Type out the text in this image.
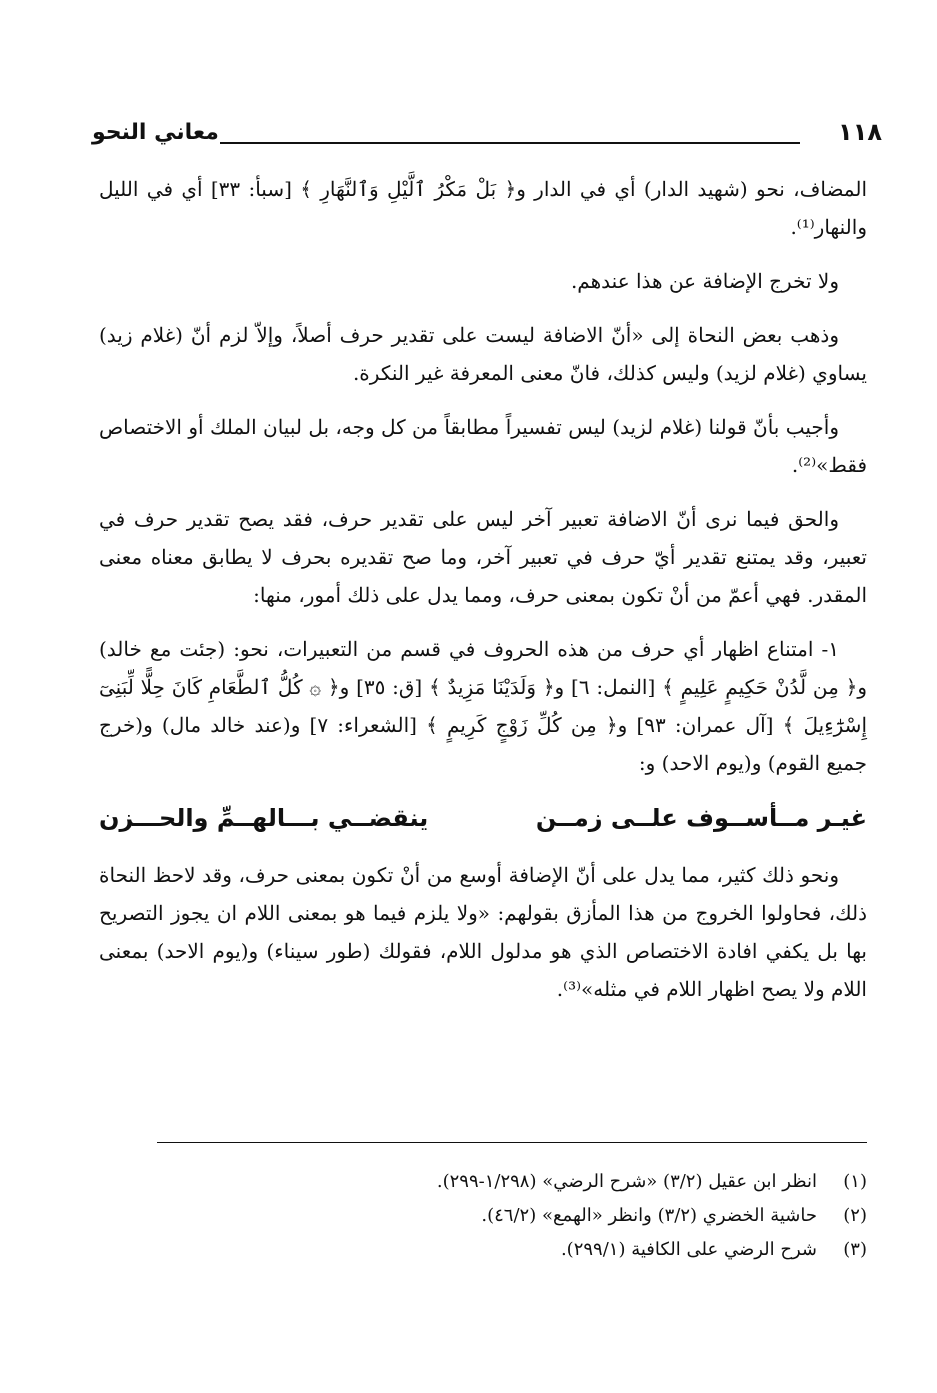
١١٨
معاني النحو

المضاف، نحو (شهيد الدار) أي في الدار و﴿ بَلْ مَكْرُ ٱلَّيْلِ وَٱلنَّهَارِ ﴾ [سبأ: ٣٣] أي في الليل والنهار⁽¹⁾.

ولا تخرج الإضافة عن هذا عندهم.

وذهب بعض النحاة إلى «أنّ الاضافة ليست على تقدير حرف أصلاً، وإلاّ لزم أنّ (غلام زيد) يساوي (غلام لزيد) وليس كذلك، فانّ معنى المعرفة غير النكرة.

وأجيب بأنّ قولنا (غلام لزيد) ليس تفسيراً مطابقاً من كل وجه، بل لبيان الملك أو الاختصاص فقط»⁽²⁾.

والحق فيما نرى أنّ الاضافة تعبير آخر ليس على تقدير حرف، فقد يصح تقدير حرف في تعبير، وقد يمتنع تقدير أيّ حرف في تعبير آخر، وما صح تقديره بحرف لا يطابق معناه معنى المقدر. فهي أعمّ من أنْ تكون بمعنى حرف، ومما يدل على ذلك أمور، منها:

١- امتناع اظهار أي حرف من هذه الحروف في قسم من التعبيرات، نحو: (جئت مع خالد) و﴿ مِن لَّدُنْ حَكِيمٍ عَلِيمٍ ﴾ [النمل: ٦] و﴿ وَلَدَيْنَا مَزِيدٌ ﴾ [ق: ٣٥] و﴿ ۞ كُلُّ ٱلطَّعَامِ كَانَ حِلًّا لِّبَنِىٓ إِسْرَٰٓءِيلَ ﴾ [آل عمران: ٩٣] و﴿ مِن كُلِّ زَوْجٍ كَرِيمٍ ﴾ [الشعراء: ٧] و(عند خالد مال) و(خرج جميع القوم) و(يوم الاحد) و:

غيـر مــأســوف علــى زمــن
ينقضــي بـــالهــمِّ والحـــزن

ونحو ذلك كثير، مما يدل على أنّ الإضافة أوسع من أنْ تكون بمعنى حرف، وقد لاحظ النحاة ذلك، فحاولوا الخروج من هذا المأزق بقولهم: «ولا يلزم فيما هو بمعنى اللام ان يجوز التصريح بها بل يكفي افادة الاختصاص الذي هو مدلول اللام، فقولك (طور سيناء) و(يوم الاحد) بمعنى اللام ولا يصح اظهار اللام في مثله»⁽³⁾.

(١)
انظر ابن عقيل (٣/٢) «شرح الرضي» (١/٢٩٨-٢٩٩).
(٢)
حاشية الخضري (٣/٢) وانظر «الهمع» (٤٦/٢).
(٣)
شرح الرضي على الكافية (٢٩٩/١).
